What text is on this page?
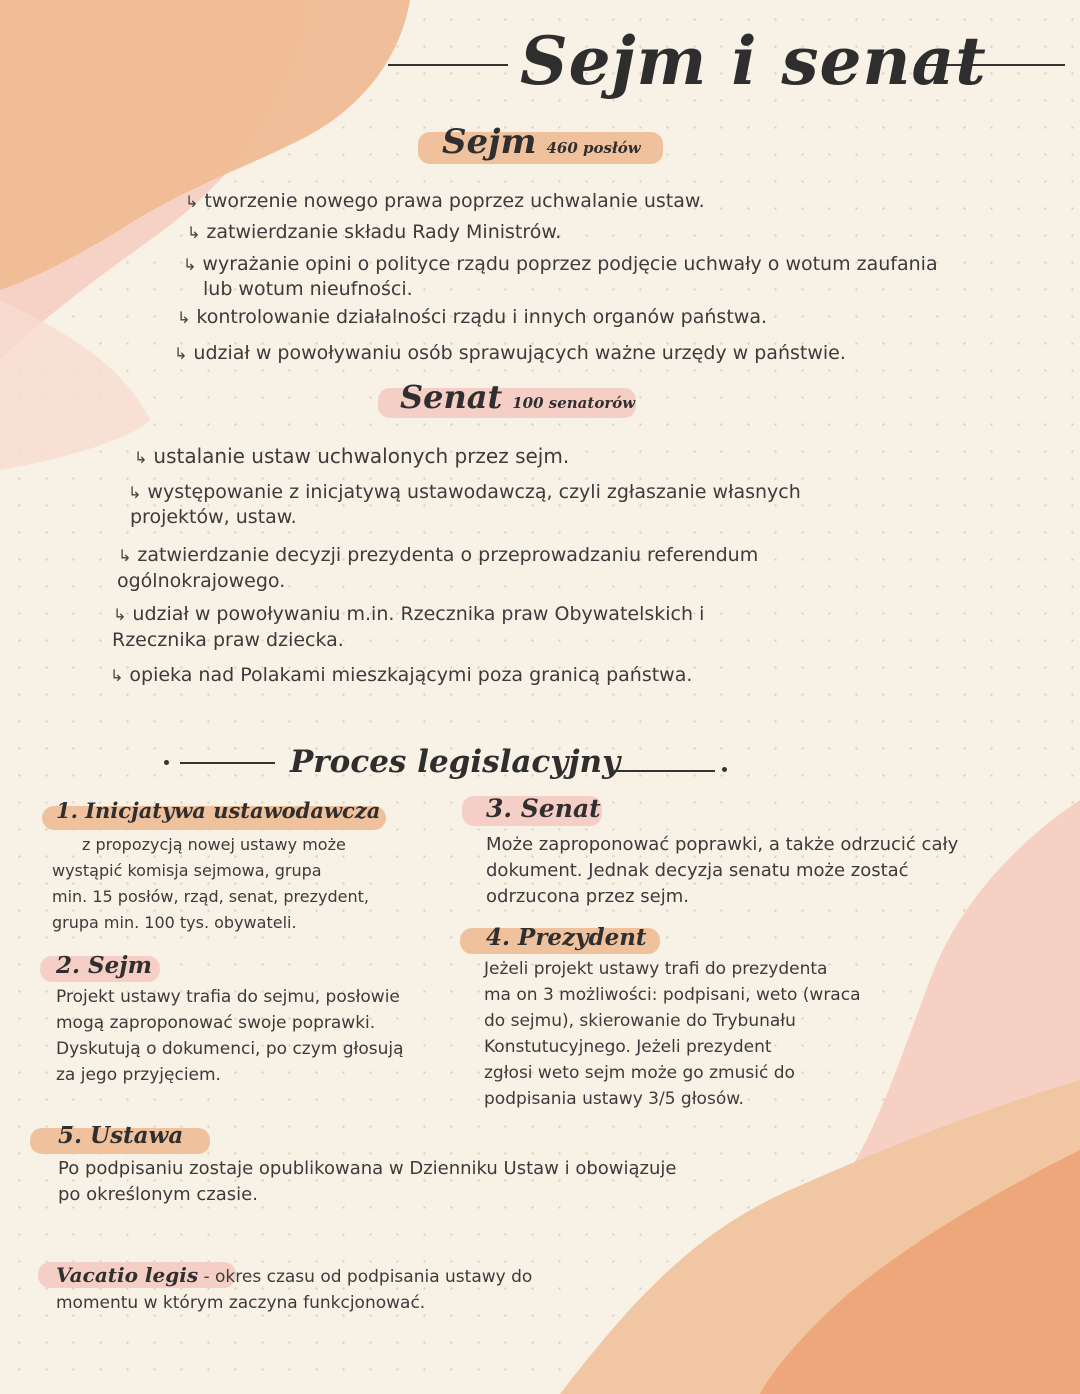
Sejm i senat
Sejm 460 posłów
↳ tworzenie nowego prawa poprzez uchwalanie ustaw.
↳ zatwierdzanie składu Rady Ministrów.
↳ wyrażanie opini o polityce rządu poprzez podjęcie uchwały o wotum zaufania
lub wotum nieufności.
↳ kontrolowanie działalności rządu i innych organów państwa.
↳ udział w powoływaniu osób sprawujących ważne urzędy w państwie.
Senat 100 senatorów
↳ ustalanie ustaw uchwalonych przez sejm.
↳ występowanie z inicjatywą ustawodawczą, czyli zgłaszanie własnych
projektów, ustaw.
↳ zatwierdzanie decyzji prezydenta o przeprowadzaniu referendum
ogólnokrajowego.
↳ udział w powoływaniu m.in. Rzecznika praw Obywatelskich i
Rzecznika praw dziecka.
↳ opieka nad Polakami mieszkającymi poza granicą państwa.
Proces legislacyjny
1. Inicjatywa ustawodawcza
z propozycją nowej ustawy może
wystąpić komisja sejmowa, grupa
min. 15 posłów, rząd, senat, prezydent,
grupa min. 100 tys. obywateli.
2. Sejm
Projekt ustawy trafia do sejmu, posłowie
mogą zaproponować swoje poprawki.
Dyskutują o dokumenci, po czym głosują
za jego przyjęciem.
3. Senat
Może zaproponować poprawki, a także odrzucić cały
dokument. Jednak decyzja senatu może zostać
odrzucona przez sejm.
4. Prezydent
Jeżeli projekt ustawy trafi do prezydenta
ma on 3 możliwości: podpisani, weto (wraca
do sejmu), skierowanie do Trybunału
Konstutucyjnego. Jeżeli prezydent
zgłosi weto sejm może go zmusić do
podpisania ustawy 3/5 głosów.
5. Ustawa
Po podpisaniu zostaje opublikowana w Dzienniku Ustaw i obowiązuje
po określonym czasie.
Vacatio legis - okres czasu od podpisania ustawy do
momentu w którym zaczyna funkcjonować.
